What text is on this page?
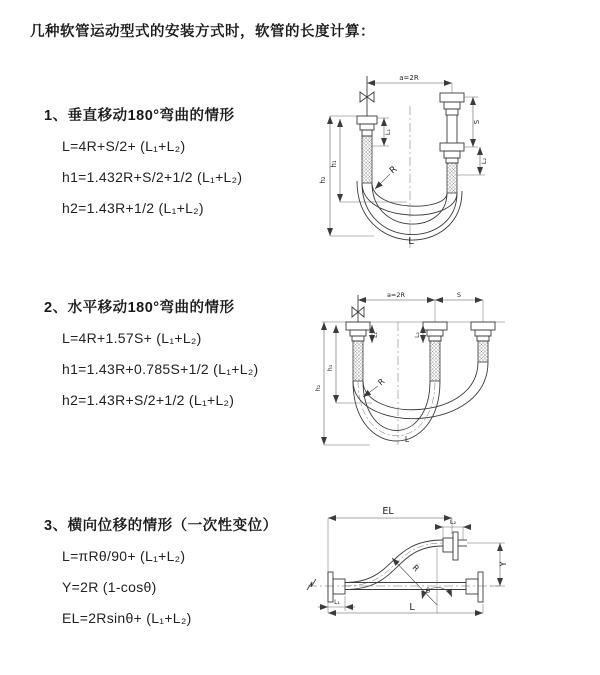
几种软管运动型式的安装方式时，软管的长度计算：

1、垂直移动180°弯曲的情形

L=4R+S/2+ (L₁+L₂)

h1=1.432R+S/2+1/2 (L₁+L₂)

h2=1.43R+1/2 (L₁+L₂)

2、水平移动180°弯曲的情形

L=4R+1.57S+ (L₁+L₂)

h1=1.43R+0.785S+1/2 (L₁+L₂)

h2=1.43R+S/2+1/2 (L₁+L₂)

3、横向位移的情形（一次性变位）

L=πRθ/90+ (L₁+L₂)

Y=2R (1-cosθ)

EL=2Rsinθ+ (L₁+L₂)

a=2R
h₂
h₁
L₁
S
L₂
R
L
a=2R	S
h₂
h₁
L₁	L₂
R
L
EL
L₂
R
θ
Y
L₁	L
